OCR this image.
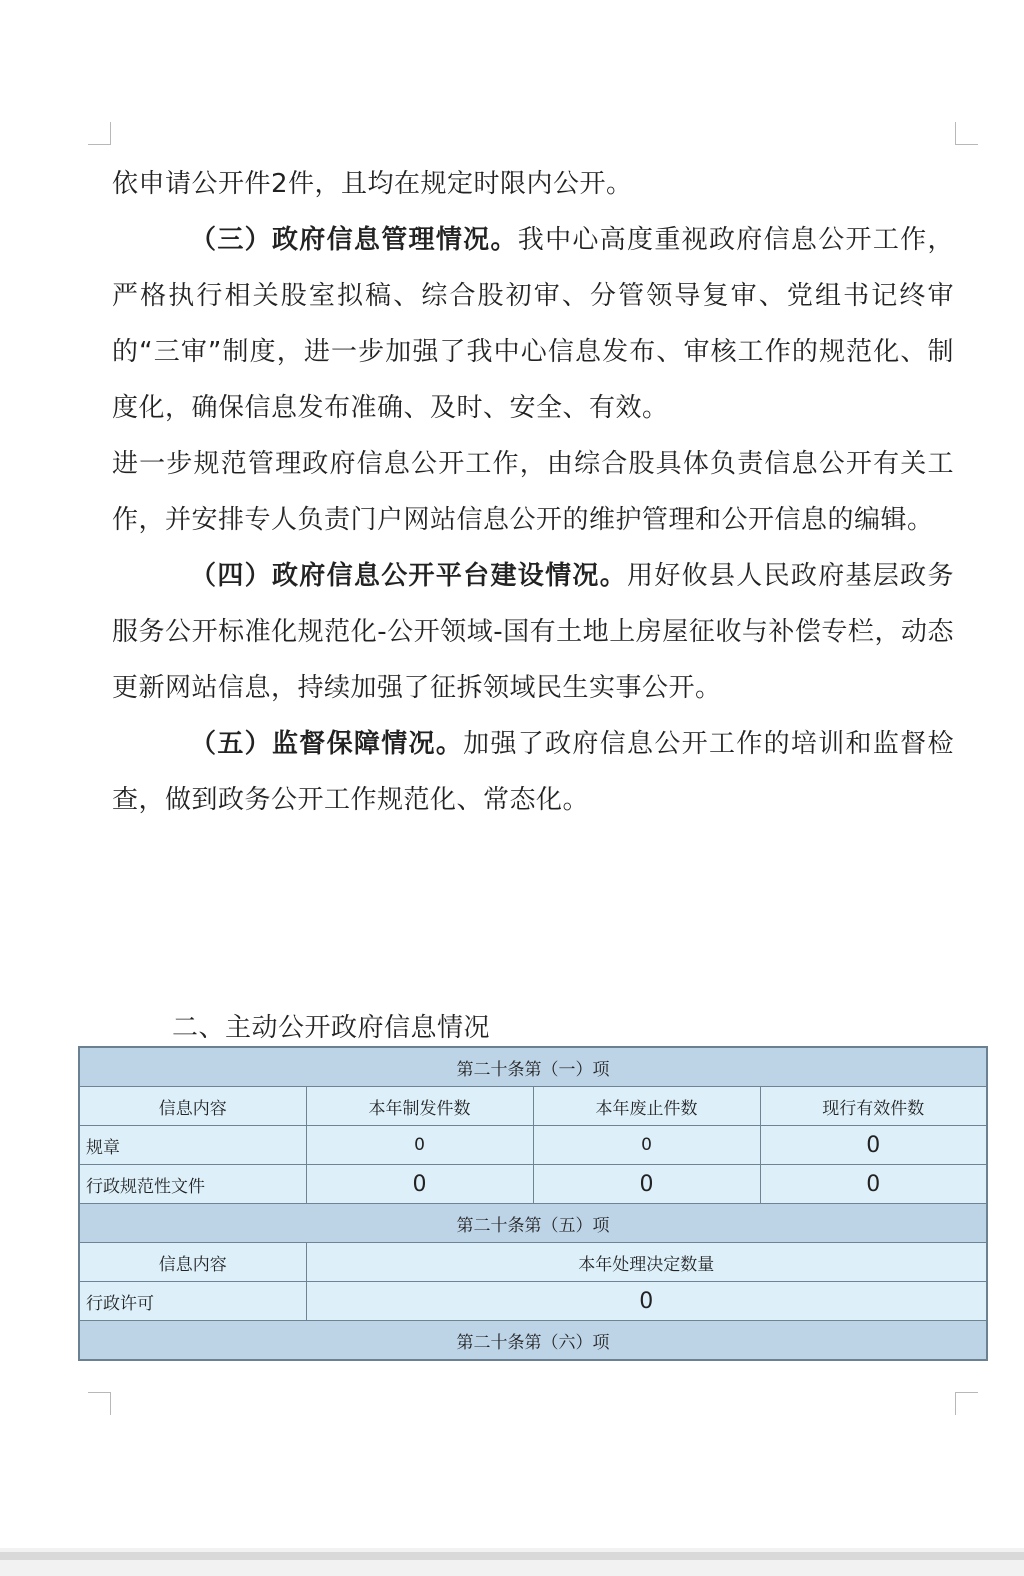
依申请公开件2件，且均在规定时限内公开。

（三）政府信息管理情况。我中心高度重视政府信息公开工作，严格执行相关股室拟稿、综合股初审、分管领导复审、党组书记终审的“三审”制度，进一步加强了我中心信息发布、审核工作的规范化、制度化，确保信息发布准确、及时、安全、有效。

进一步规范管理政府信息公开工作，由综合股具体负责信息公开有关工作，并安排专人负责门户网站信息公开的维护管理和公开信息的编辑。

（四）政府信息公开平台建设情况。用好攸县人民政府基层政务服务公开标准化规范化-公开领域-国有土地上房屋征收与补偿专栏，动态更新网站信息，持续加强了征拆领域民生实事公开。

（五）监督保障情况。加强了政府信息公开工作的培训和监督检查，做到政务公开工作规范化、常态化。

二、主动公开政府信息情况
第二十条第（一）项			
信息内容	本年制发件数	本年废止件数	现行有效件数
规章	0	0	0
行政规范性文件	0	0	0
第二十条第（五）项			
信息内容	本年处理决定数量		
行政许可	0		
第二十条第（六）项			
